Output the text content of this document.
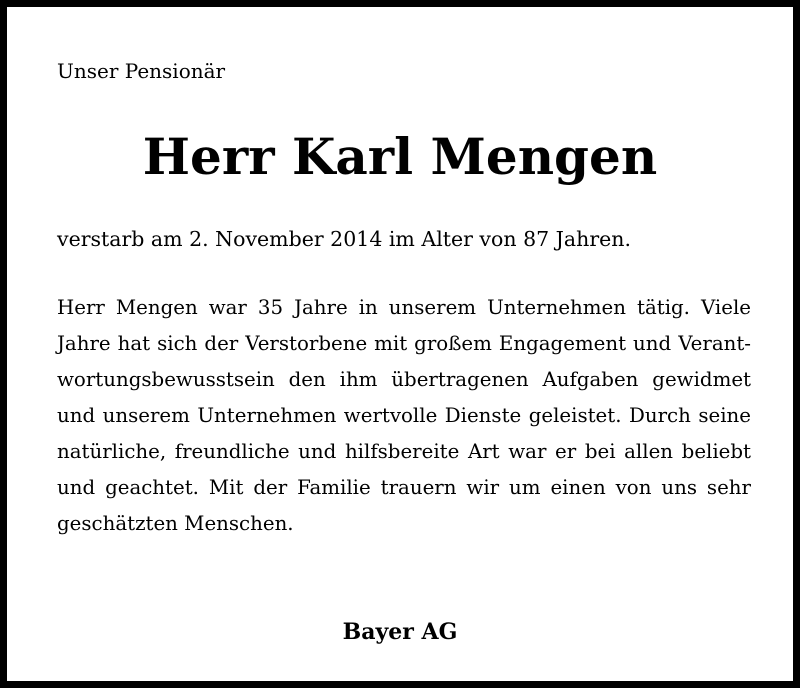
Unser Pensionär
Herr Karl Mengen
verstarb am 2. November 2014 im Alter von 87 Jahren.
Herr Mengen war 35 Jahre in unserem Unternehmen tätig. Viele
Jahre hat sich der Verstorbene mit großem Engagement und Verant-
wortungsbewusstsein den ihm übertragenen Aufgaben gewidmet
und unserem Unternehmen wertvolle Dienste geleistet. Durch seine
natürliche, freundliche und hilfsbereite Art war er bei allen beliebt
und geachtet. Mit der Familie trauern wir um einen von uns sehr
geschätzten Menschen.
Bayer AG
